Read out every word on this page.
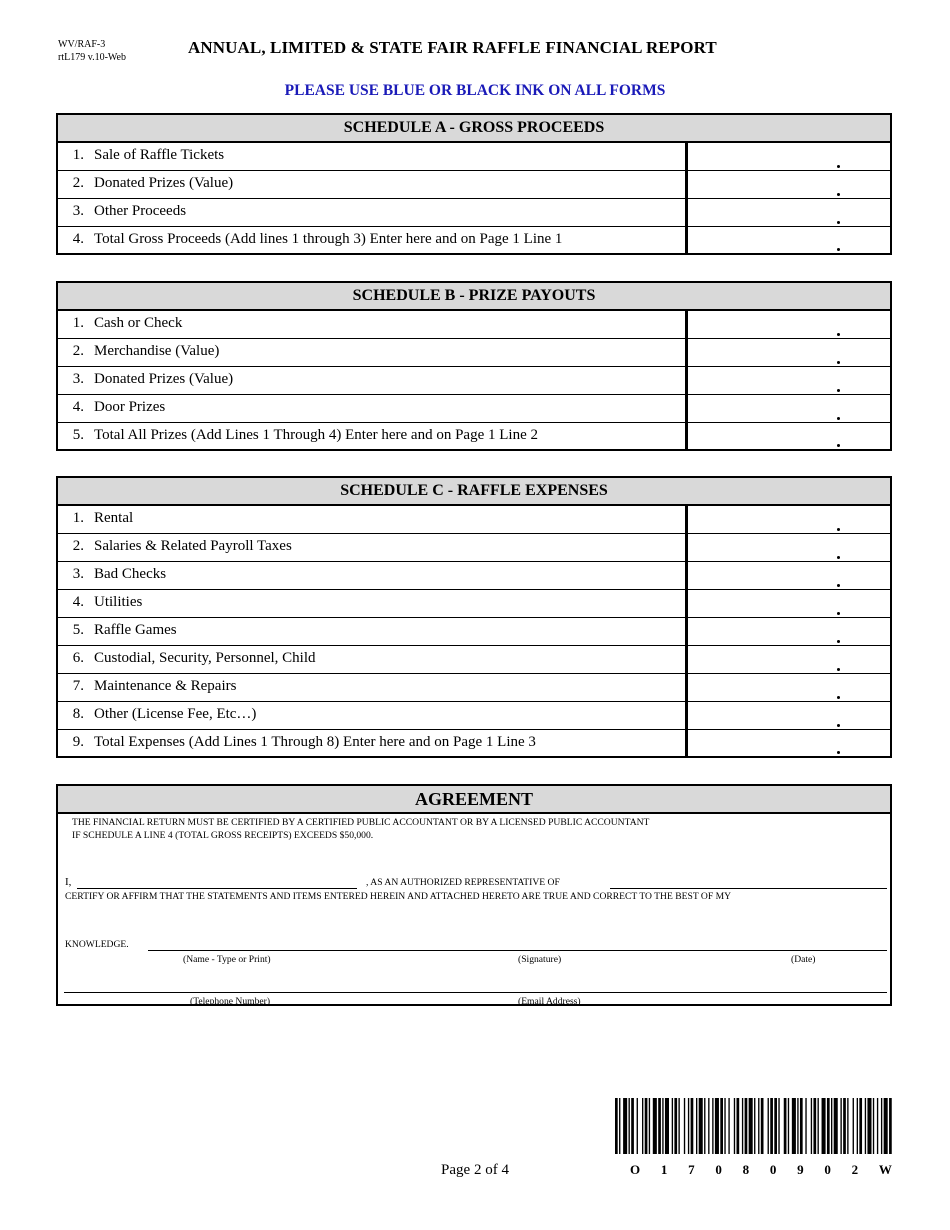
WV/RAF-3
rtL179 v.10-Web
ANNUAL, LIMITED & STATE FAIR RAFFLE FINANCIAL REPORT
PLEASE USE BLUE OR BLACK INK ON ALL FORMS
SCHEDULE A - GROSS PROCEEDS
1. Sale of Raffle Tickets
2. Donated Prizes (Value)
3. Other Proceeds
4. Total Gross Proceeds (Add lines 1 through 3) Enter here and on Page 1 Line 1
SCHEDULE B - PRIZE PAYOUTS
1. Cash or Check
2. Merchandise (Value)
3. Donated Prizes (Value)
4. Door Prizes
5. Total All Prizes (Add Lines 1 Through 4) Enter here and on Page 1 Line 2
SCHEDULE C - RAFFLE EXPENSES
1. Rental
2. Salaries & Related Payroll Taxes
3. Bad Checks
4. Utilities
5. Raffle Games
6. Custodial, Security, Personnel, Child
7. Maintenance & Repairs
8. Other (License Fee, Etc…)
9. Total Expenses (Add Lines 1 Through 8) Enter here and on Page 1 Line 3
AGREEMENT
THE FINANCIAL RETURN MUST BE CERTIFIED BY A CERTIFIED PUBLIC ACCOUNTANT OR BY A LICENSED PUBLIC ACCOUNTANT
IF SCHEDULE A LINE 4 (TOTAL GROSS RECEIPTS) EXCEEDS $50,000.
I,	, AS AN AUTHORIZED REPRESENTATIVE OF
CERTIFY OR AFFIRM THAT THE STATEMENTS AND ITEMS ENTERED HEREIN AND ATTACHED HERETO ARE TRUE AND CORRECT TO THE BEST OF MY
KNOWLEDGE.
(Name - Type or Print)	(Signature)	(Date)
(Telephone Number)	(Email Address)
Page 2 of 4	O 1 7 0 8 0 9 0 2 W
